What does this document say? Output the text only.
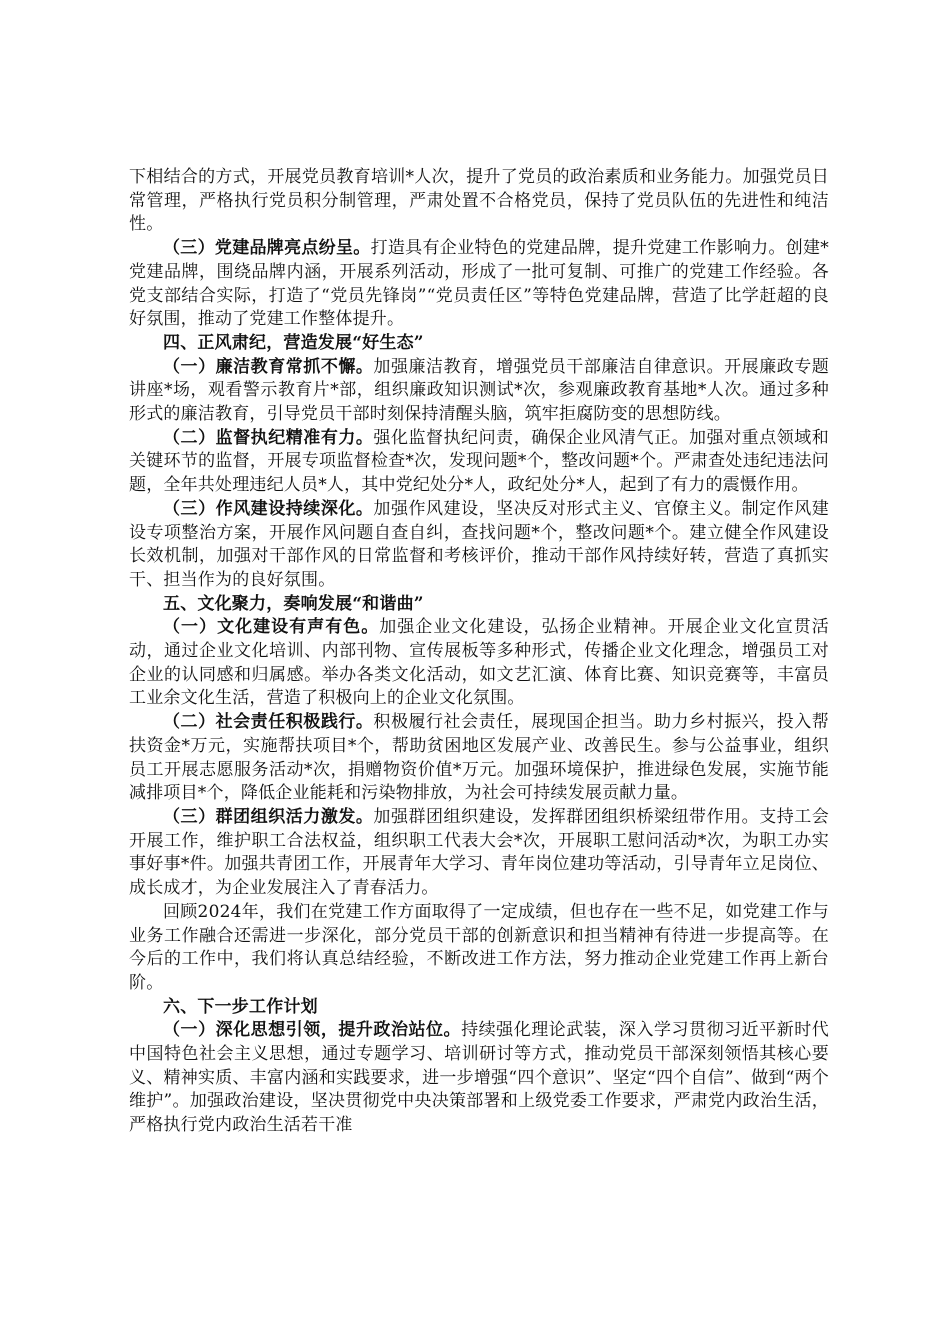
下相结合的方式，开展党员教育培训*人次，提升了党员的政治素质和业务能力。加强党员日常管理，严格执行党员积分制管理，严肃处置不合格党员，保持了党员队伍的先进性和纯洁性。

（三）党建品牌亮点纷呈。打造具有企业特色的党建品牌，提升党建工作影响力。创建*党建品牌，围绕品牌内涵，开展系列活动，形成了一批可复制、可推广的党建工作经验。各党支部结合实际，打造了“党员先锋岗”“党员责任区”等特色党建品牌，营造了比学赶超的良好氛围，推动了党建工作整体提升。

四、正风肃纪，营造发展“好生态”

（一）廉洁教育常抓不懈。加强廉洁教育，增强党员干部廉洁自律意识。开展廉政专题讲座*场，观看警示教育片*部，组织廉政知识测试*次，参观廉政教育基地*人次。通过多种形式的廉洁教育，引导党员干部时刻保持清醒头脑，筑牢拒腐防变的思想防线。

（二）监督执纪精准有力。强化监督执纪问责，确保企业风清气正。加强对重点领域和关键环节的监督，开展专项监督检查*次，发现问题*个，整改问题*个。严肃查处违纪违法问题，全年共处理违纪人员*人，其中党纪处分*人，政纪处分*人，起到了有力的震慑作用。

（三）作风建设持续深化。加强作风建设，坚决反对形式主义、官僚主义。制定作风建设专项整治方案，开展作风问题自查自纠，查找问题*个，整改问题*个。建立健全作风建设长效机制，加强对干部作风的日常监督和考核评价，推动干部作风持续好转，营造了真抓实干、担当作为的良好氛围。

五、文化聚力，奏响发展“和谐曲”

（一）文化建设有声有色。加强企业文化建设，弘扬企业精神。开展企业文化宣贯活动，通过企业文化培训、内部刊物、宣传展板等多种形式，传播企业文化理念，增强员工对企业的认同感和归属感。举办各类文化活动，如文艺汇演、体育比赛、知识竞赛等，丰富员工业余文化生活，营造了积极向上的企业文化氛围。

（二）社会责任积极践行。积极履行社会责任，展现国企担当。助力乡村振兴，投入帮扶资金*万元，实施帮扶项目*个，帮助贫困地区发展产业、改善民生。参与公益事业，组织员工开展志愿服务活动*次，捐赠物资价值*万元。加强环境保护，推进绿色发展，实施节能减排项目*个，降低企业能耗和污染物排放，为社会可持续发展贡献力量。

（三）群团组织活力激发。加强群团组织建设，发挥群团组织桥梁纽带作用。支持工会开展工作，维护职工合法权益，组织职工代表大会*次，开展职工慰问活动*次，为职工办实事好事*件。加强共青团工作，开展青年大学习、青年岗位建功等活动，引导青年立足岗位、成长成才，为企业发展注入了青春活力。

回顾2024年，我们在党建工作方面取得了一定成绩，但也存在一些不足，如党建工作与业务工作融合还需进一步深化，部分党员干部的创新意识和担当精神有待进一步提高等。在今后的工作中，我们将认真总结经验，不断改进工作方法，努力推动企业党建工作再上新台阶。

六、下一步工作计划

（一）深化思想引领，提升政治站位。持续强化理论武装，深入学习贯彻习近平新时代中国特色社会主义思想，通过专题学习、培训研讨等方式，推动党员干部深刻领悟其核心要义、精神实质、丰富内涵和实践要求，进一步增强“四个意识”、坚定“四个自信”、做到“两个维护”。加强政治建设，坚决贯彻党中央决策部署和上级党委工作要求，严肃党内政治生活，严格执行党内政治生活若干准
